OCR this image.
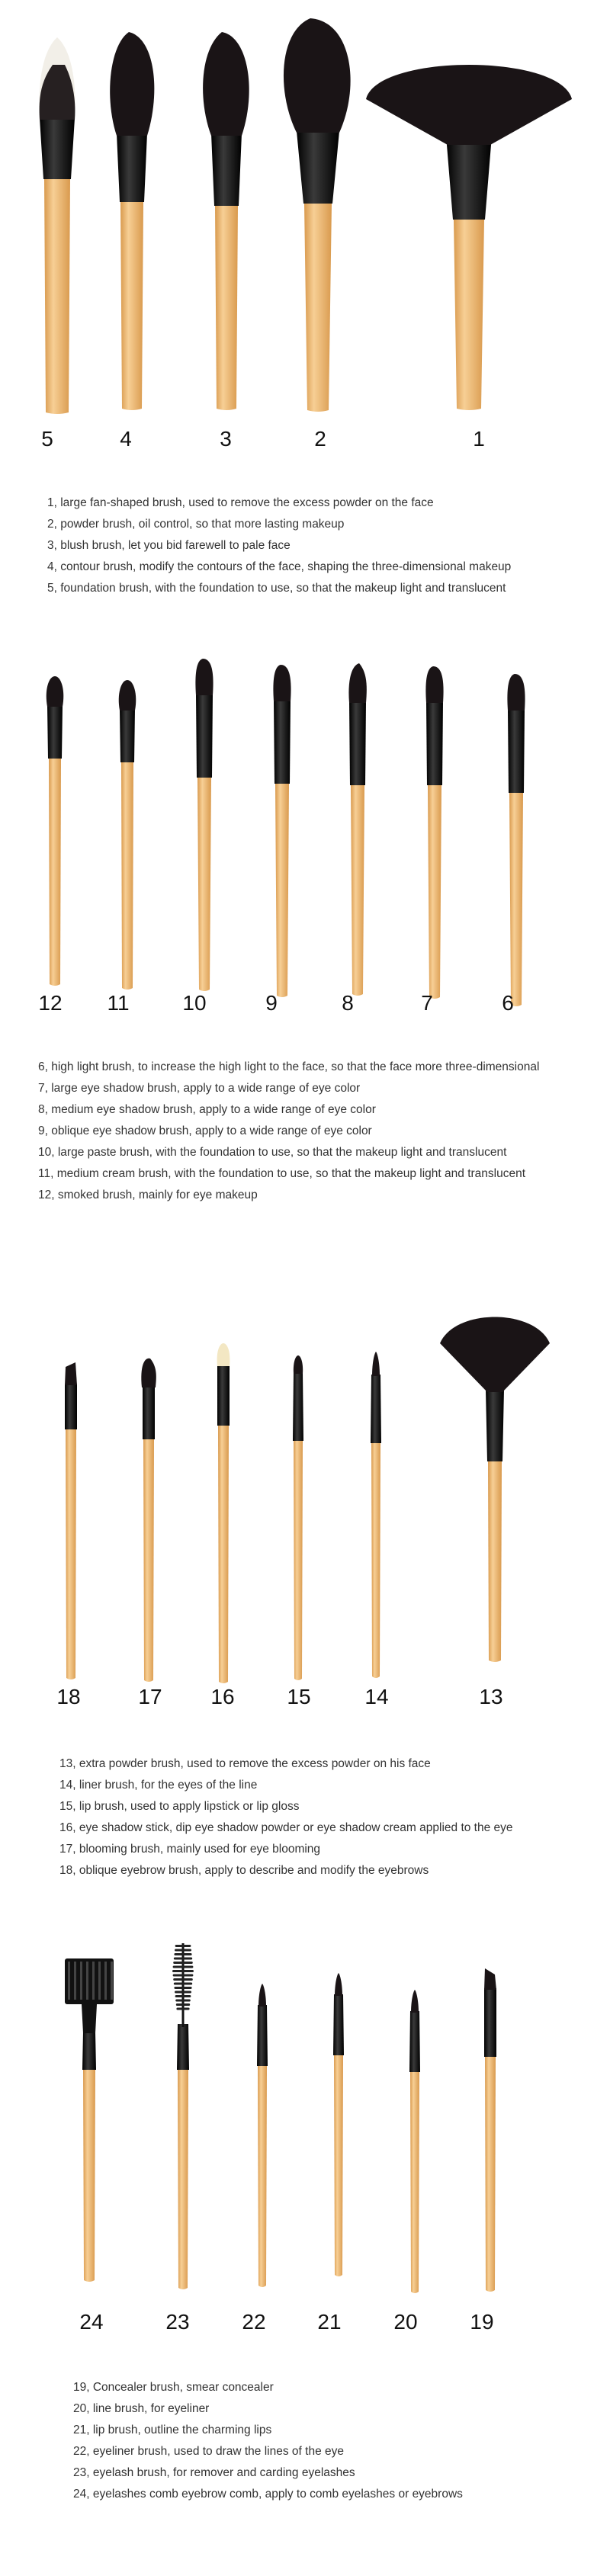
5	4	3	2	1
1, large fan-shaped brush, used to remove the excess powder on the face
2, powder brush, oil control, so that more lasting makeup
3, blush brush, let you bid farewell to pale face
4, contour brush, modify the contours of the face, shaping the three-dimensional makeup
5, foundation brush, with the foundation to use, so that the makeup light and translucent
12	11	10	9	8	7	6
6, high light brush, to increase the high light to the face, so that the face more three-dimensional
7, large eye shadow brush, apply to a wide range of eye color
8, medium eye shadow brush, apply to a wide range of eye color
9, oblique eye shadow brush, apply to a wide range of eye color
10, large paste brush, with the foundation to use, so that the makeup light and translucent
11, medium cream brush, with the foundation to use, so that the makeup light and translucent
12, smoked brush, mainly for eye makeup
18	17	16	15	14	13
13, extra powder brush, used to remove the excess powder on his face
14, liner brush, for the eyes of the line
15, lip brush, used to apply lipstick or lip gloss
16, eye shadow stick, dip eye shadow powder or eye shadow cream applied to the eye
17, blooming brush, mainly used for eye blooming
18, oblique eyebrow brush, apply to describe and modify the eyebrows
24	23	22	21	20	19
19, Concealer brush, smear concealer
20, line brush, for eyeliner
21, lip brush, outline the charming lips
22, eyeliner brush, used to draw the lines of the eye
23, eyelash brush, for remover and carding eyelashes
24, eyelashes comb eyebrow comb, apply to comb eyelashes or eyebrows
